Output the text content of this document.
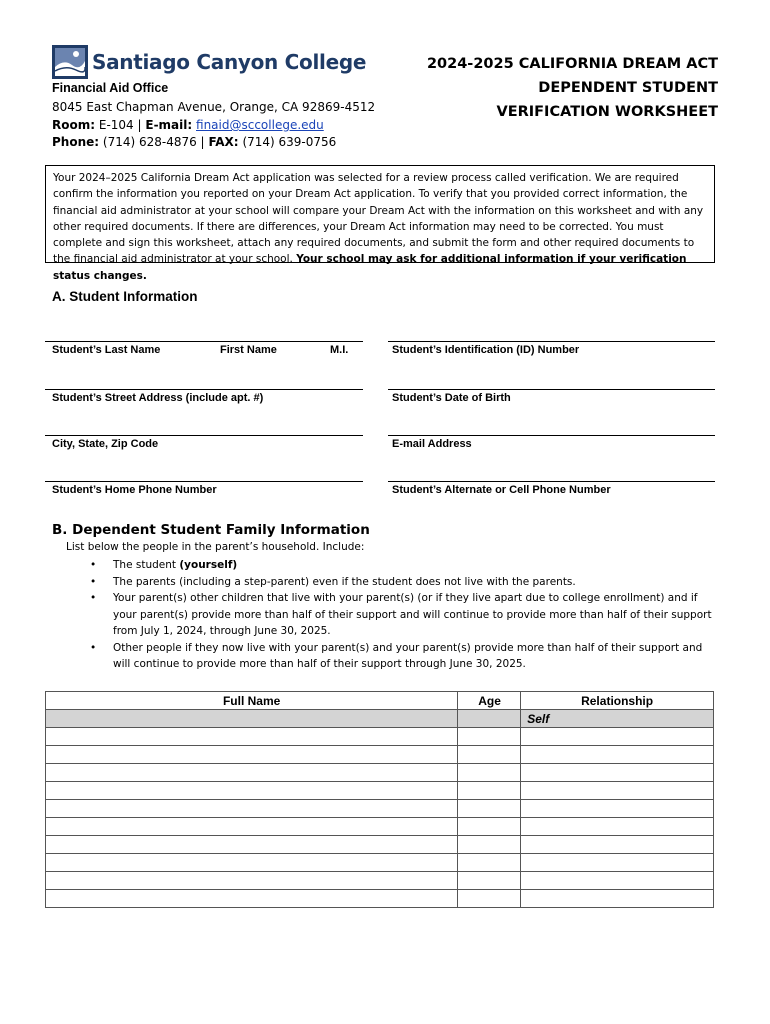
Santiago Canyon College
Financial Aid Office
8045 East Chapman Avenue, Orange, CA 92869-4512
Room: E-104 | E-mail: finaid@sccollege.edu
Phone: (714) 628-4876 | FAX: (714) 639-0756
2024-2025 CALIFORNIA DREAM ACT
DEPENDENT STUDENT
VERIFICATION WORKSHEET
Your 2024–2025 California Dream Act application was selected for a review process called verification. We are required confirm the information you reported on your Dream Act application. To verify that you provided correct information, the financial aid administrator at your school will compare your Dream Act with the information on this worksheet and with any other required documents. If there are differences, your Dream Act information may need to be corrected. You must complete and sign this worksheet, attach any required documents, and submit the form and other required documents to the financial aid administrator at your school. Your school may ask for additional information if your verification status changes.
A. Student Information
Student’s Last Name	First Name	M.I.	Student’s Identification (ID) Number
Student’s Street Address (include apt. #)	Student’s Date of Birth
City, State, Zip Code	E-mail Address
Student’s Home Phone Number	Student’s Alternate or Cell Phone Number
B. Dependent Student Family Information
List below the people in the parent’s household. Include:
• The student (yourself)
• The parents (including a step-parent) even if the student does not live with the parents.
• Your parent(s) other children that live with your parent(s) (or if they live apart due to college enrollment) and if your parent(s) provide more than half of their support and will continue to provide more than half of their support from July 1, 2024, through June 30, 2025.
• Other people if they now live with your parent(s) and your parent(s) provide more than half of their support and will continue to provide more than half of their support through June 30, 2025.
Full Name	Age	Relationship
		Self
